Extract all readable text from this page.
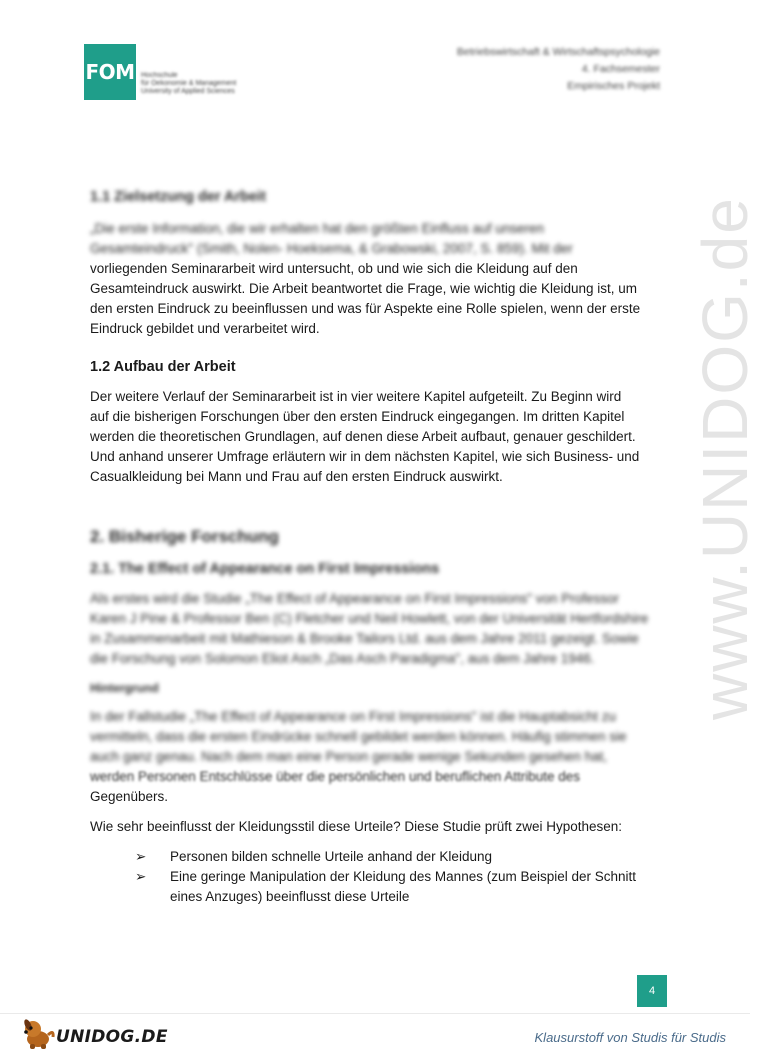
FOM Hochschule
für Oekonomie & Management
University of Applied Sciences
Betriebswirtschaft & Wirtschaftspsychologie
4. Fachsemester
Empirisches Projekt
www.UNIDOG.de
1.1 Zielsetzung der Arbeit

„Die erste Information, die wir erhalten hat den größten Einfluss auf unseren

Gesamteindruck" (Smith, Nolen- Hoeksema, & Grabowski, 2007, S. 859). Mit der

vorliegenden Seminararbeit wird untersucht, ob und wie sich die Kleidung auf den

Gesamteindruck auswirkt. Die Arbeit beantwortet die Frage, wie wichtig die Kleidung ist, um

den ersten Eindruck zu beeinflussen und was für Aspekte eine Rolle spielen, wenn der erste

Eindruck gebildet und verarbeitet wird.

1.2 Aufbau der Arbeit

Der weitere Verlauf der Seminararbeit ist in vier weitere Kapitel aufgeteilt. Zu Beginn wird

auf die bisherigen Forschungen über den ersten Eindruck eingegangen. Im dritten Kapitel

werden die theoretischen Grundlagen, auf denen diese Arbeit aufbaut, genauer geschildert.

Und anhand unserer Umfrage erläutern wir in dem nächsten Kapitel, wie sich Business- und

Casualkleidung bei Mann und Frau auf den ersten Eindruck auswirkt.

2. Bisherige Forschung
2.1. The Effect of Appearance on First Impressions

Als erstes wird die Studie „The Effect of Appearance on First Impressions" von Professor

Karen J Pine & Professor Ben (C) Fletcher und Neil Howlett, von der Universität Hertfordshire

in Zusammenarbeit mit Mathieson & Brooke Tailors Ltd. aus dem Jahre 2011 gezeigt. Sowie

die Forschung von Solomon Eliot Asch „Das Asch Paradigma", aus dem Jahre 1946.

Hintergrund

In der Fallstudie „The Effect of Appearance on First Impressions" ist die Hauptabsicht zu

vermitteln, dass die ersten Eindrücke schnell gebildet werden können. Häufig stimmen sie

auch ganz genau. Nach dem man eine Person gerade wenige Sekunden gesehen hat,

werden Personen Entschlüsse über die persönlichen und beruflichen Attribute des

Gegenübers.

Wie sehr beeinflusst der Kleidungsstil diese Urteile? Diese Studie prüft zwei Hypothesen:

➢ Personen bilden schnelle Urteile anhand der Kleidung
➢ Eine geringe Manipulation der Kleidung des Mannes (zum Beispiel der Schnitt
eines Anzuges) beeinflusst diese Urteile
4
UNIDOG.DE	Klausurstoff von Studis für Studis
